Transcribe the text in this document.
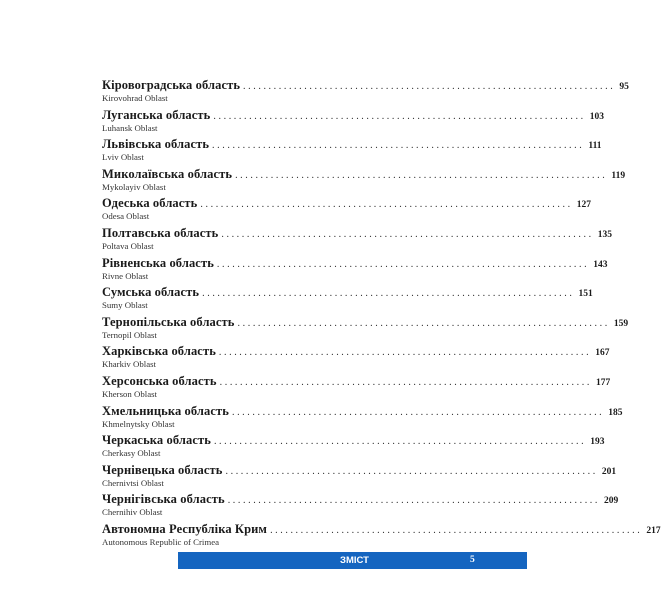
Кіровоградська область ......................................................................... 95
Kirovohrad Oblast
Луганська область ......................................................................... 103
Luhansk Oblast
Львівська область ......................................................................... 111
Lviv Oblast
Миколаївська область ......................................................................... 119
Mykolayiv Oblast
Одеська область ......................................................................... 127
Odesa Oblast
Полтавська область ......................................................................... 135
Poltava Oblast
Рівненська область ......................................................................... 143
Rivne Oblast
Сумська область ......................................................................... 151
Sumy Oblast
Тернопільська область ......................................................................... 159
Ternopil Oblast
Харківська область ......................................................................... 167
Kharkiv Oblast
Херсонська область ......................................................................... 177
Kherson Oblast
Хмельницька область ......................................................................... 185
Khmelnytsky Oblast
Черкаська область ......................................................................... 193
Cherkasy Oblast
Чернівецька область ......................................................................... 201
Chernivtsi Oblast
Чернігівська область ......................................................................... 209
Chernihiv Oblast
Автономна Республіка Крим ......................................................................... 217
Autonomous Republic of Crimea
ЗМІСТ	5
